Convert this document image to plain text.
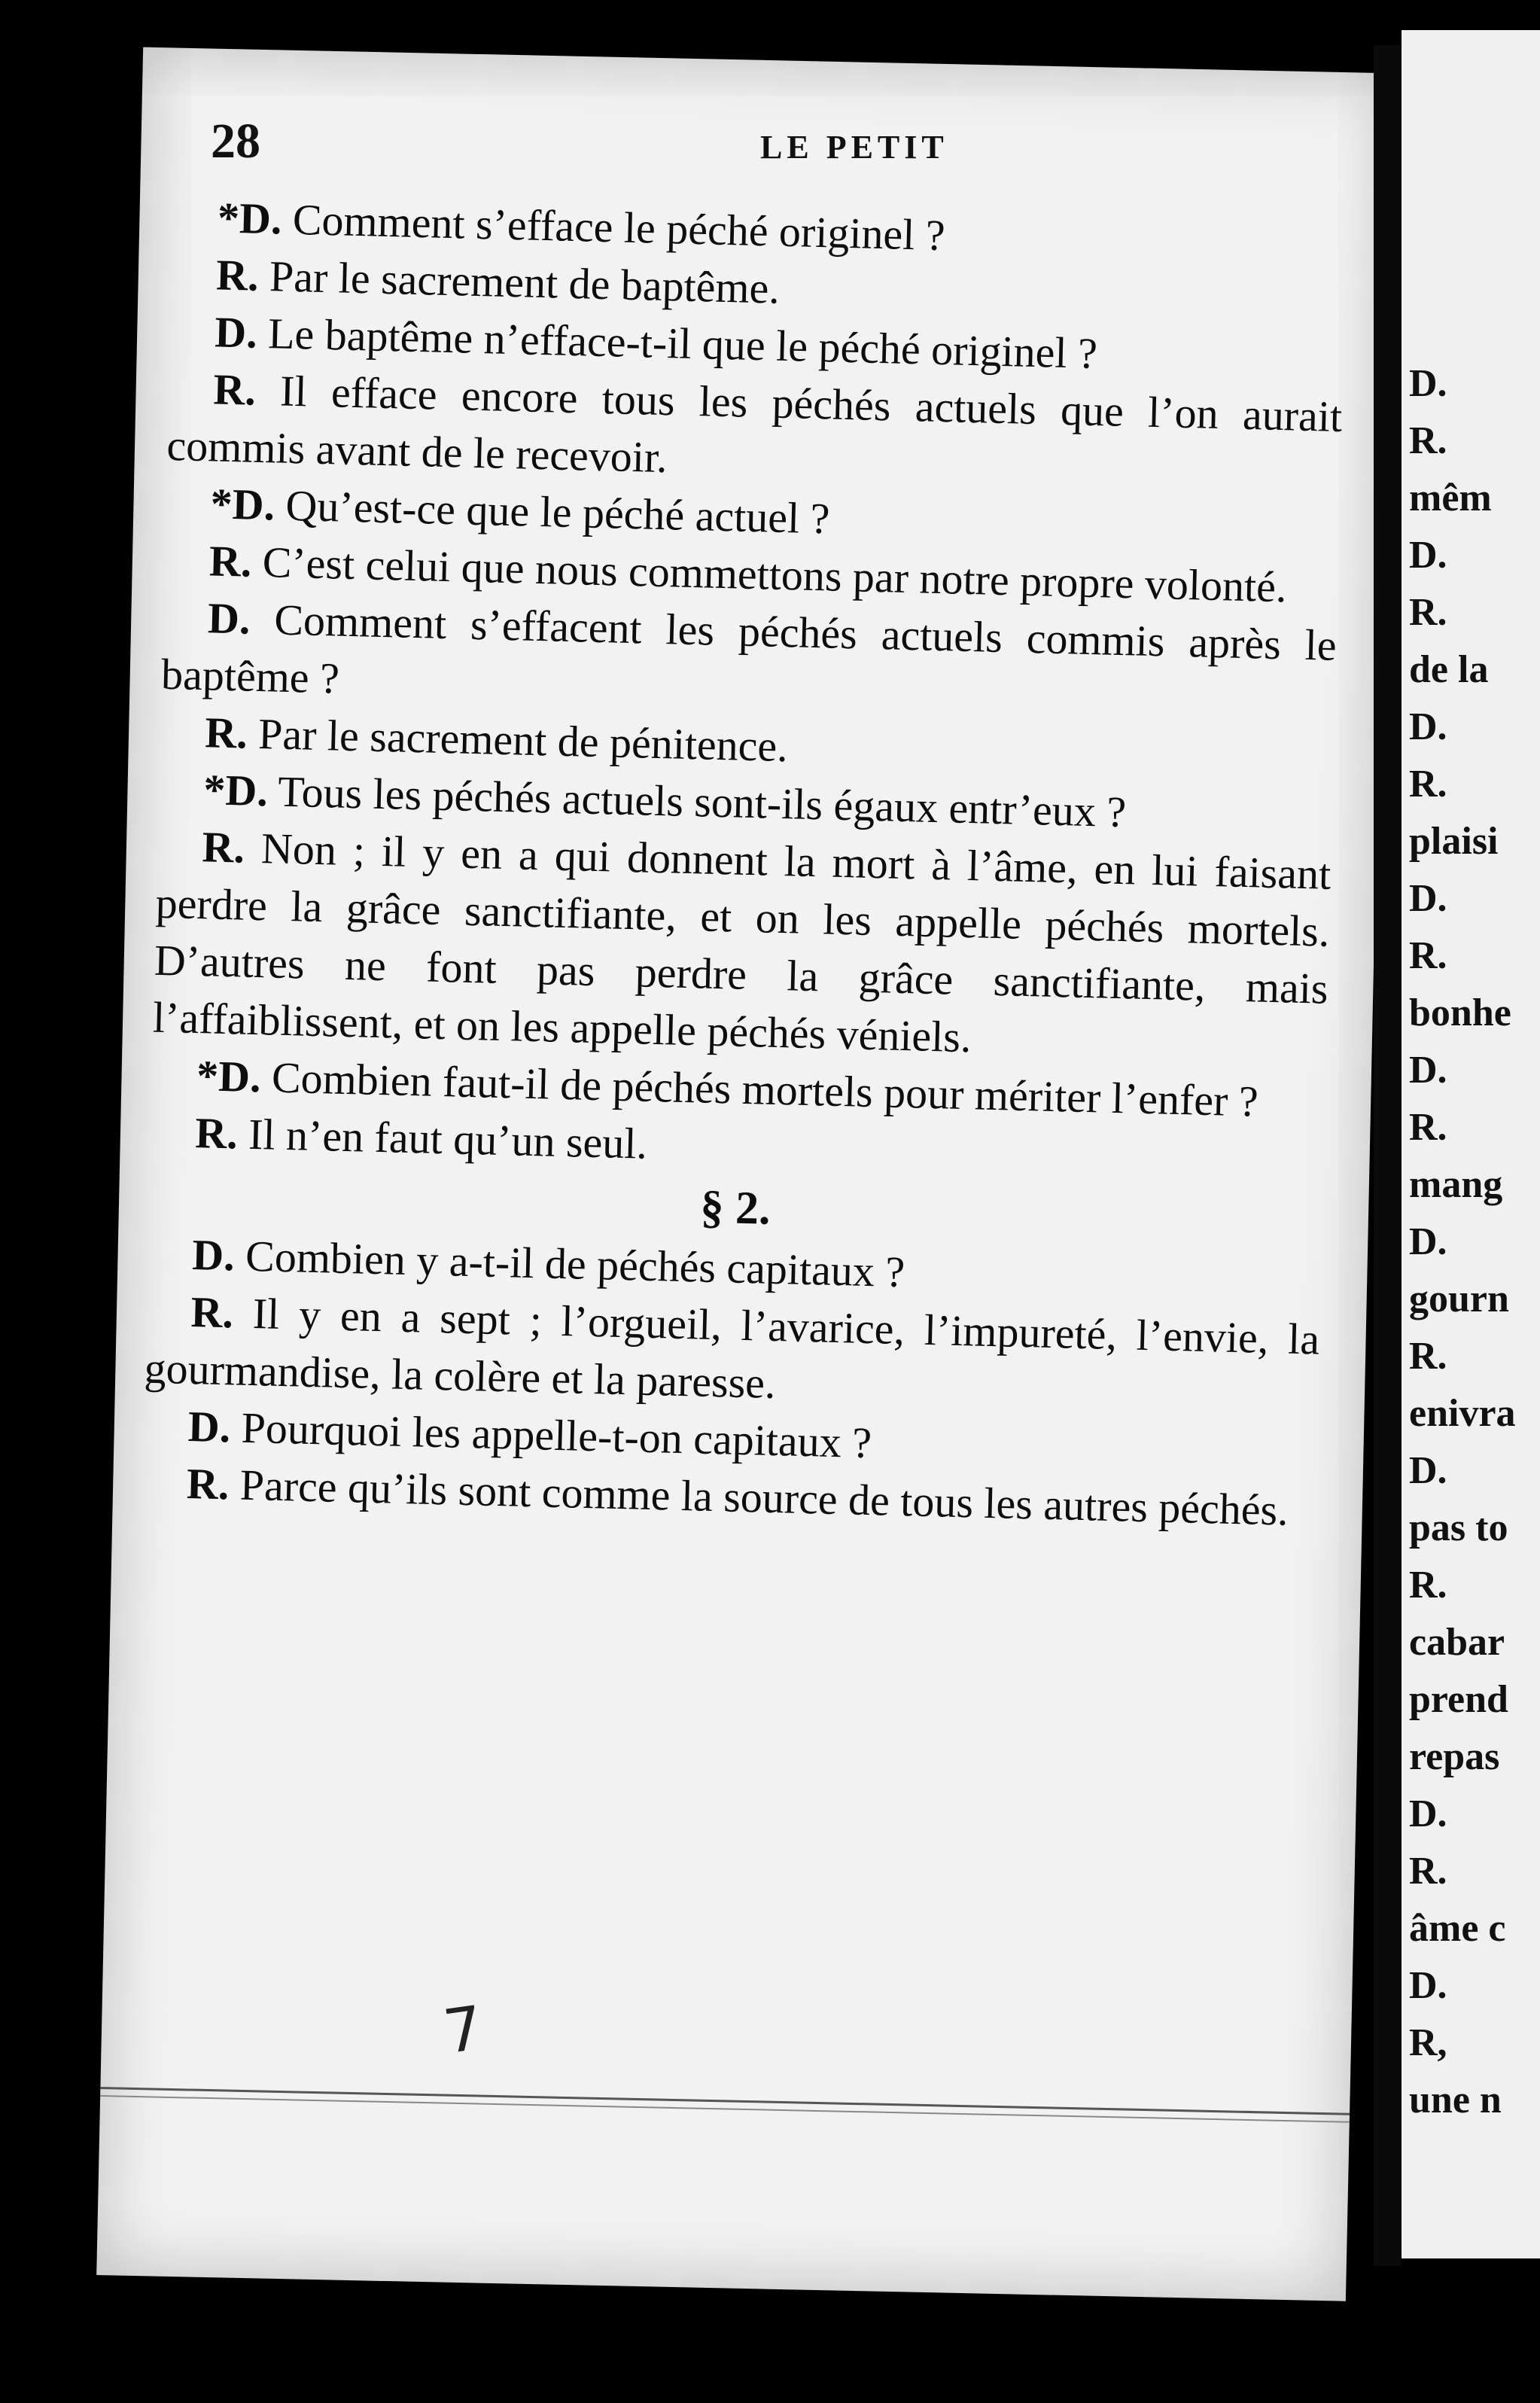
28	LE PETIT

*D. Comment s’efface le péché originel ?

R. Par le sacrement de baptême.

D. Le baptême n’efface-t-il que le péché originel ?

R. Il efface encore tous les péchés actuels que l’on aurait commis avant de le recevoir.

*D. Qu’est-ce que le péché actuel ?

R. C’est celui que nous commettons par notre propre volonté.

D. Comment s’effacent les péchés actuels commis après le baptême ?

R. Par le sacrement de pénitence.

*D. Tous les péchés actuels sont-ils égaux entr’eux ?

R. Non ; il y en a qui donnent la mort à l’âme, en lui faisant perdre la grâce sanctifiante, et on les appelle péchés mortels. D’autres ne font pas perdre la grâce sanctifiante, mais l’affaiblissent, et on les appelle péchés véniels.

*D. Combien faut-il de péchés mortels pour mériter l’enfer ?

R. Il n’en faut qu’un seul.

§ 2.

D. Combien y a-t-il de péchés capitaux ?

R. Il y en a sept ; l’orgueil, l’avarice, l’impureté, l’envie, la gourmandise, la colère et la paresse.

D. Pourquoi les appelle-t-on capitaux ?

R. Parce qu’ils sont comme la source de tous les autres péchés.

7
D.
R.
mêm
D.
R.
de la
D.
R.
plaisi
D.
R.
bonhe
D.
R.
mang
D.
gourn
R.
enivra
D.
pas to
R.
cabar
prend
repas
D.
R.
âme c
D.
R,
une n
